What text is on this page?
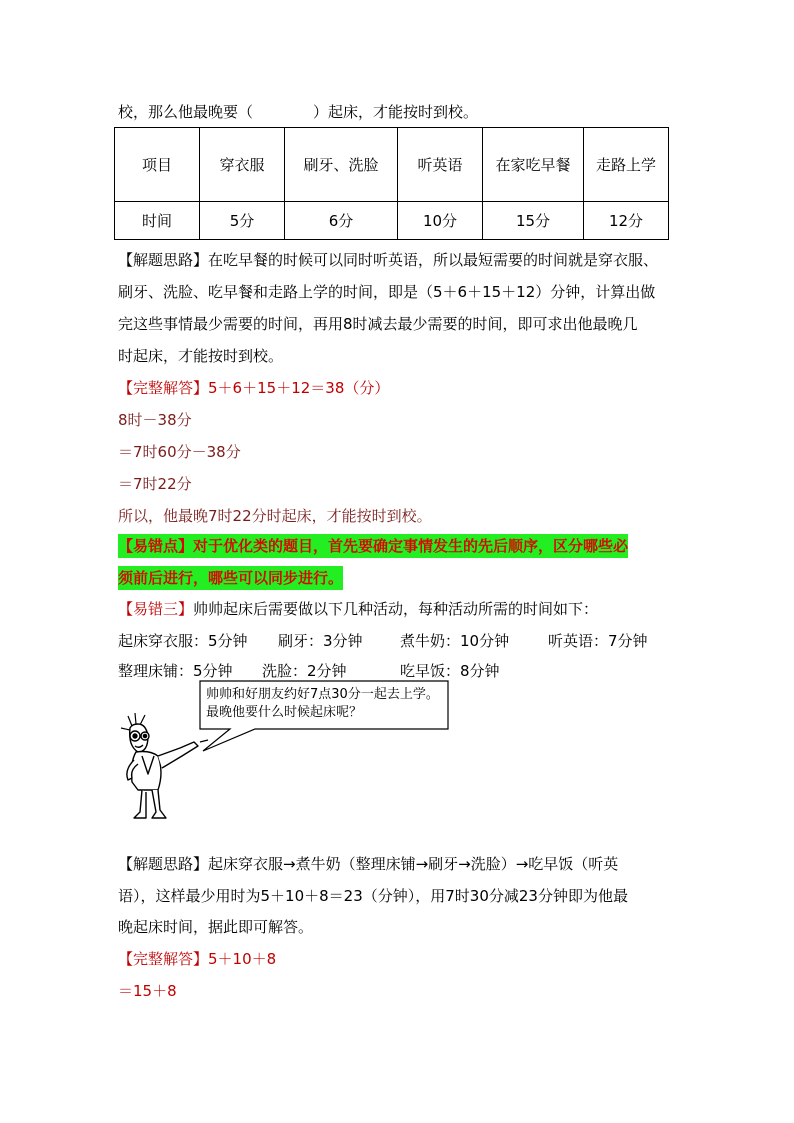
校，那么他最晚要（　　　　）起床，才能按时到校。
项目	穿衣服	刷牙、洗脸	听英语	在家吃早餐	走路上学
时间	5分	6分	10分	15分	12分
【解题思路】在吃早餐的时候可以同时听英语，所以最短需要的时间就是穿衣服、
刷牙、洗脸、吃早餐和走路上学的时间，即是（5＋6＋15＋12）分钟，计算出做
完这些事情最少需要的时间，再用8时减去最少需要的时间，即可求出他最晚几
时起床，才能按时到校。
【完整解答】5＋6＋15＋12＝38（分）
8时－38分
＝7时60分－38分
＝7时22分
所以，他最晚7时22分时起床，才能按时到校。
【易错点】对于优化类的题目，首先要确定事情发生的先后顺序，区分哪些必
须前后进行，哪些可以同步进行。
【易错三】帅帅起床后需要做以下几种活动，每种活动所需的时间如下：
起床穿衣服：5分钟 刷牙：3分钟 煮牛奶：10分钟	听英语：7分钟
整理床铺：5分钟 洗脸：2分钟	吃早饭：8分钟
帅帅和好朋友约好7点30分一起去上学。
最晚他要什么时候起床呢？
【解题思路】起床穿衣服→煮牛奶（整理床铺→刷牙→洗脸）→吃早饭（听英
语），这样最少用时为5＋10＋8＝23（分钟），用7时30分减23分钟即为他最
晚起床时间，据此即可解答。
【完整解答】5＋10＋8
＝15＋8
